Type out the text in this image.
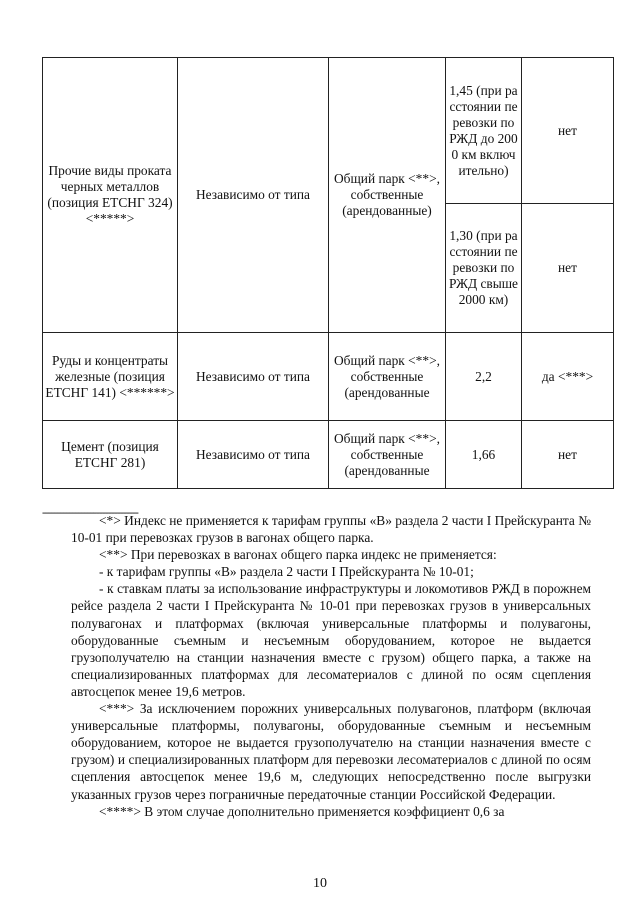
Прочие виды проката черных металлов (позиция ЕТСНГ 324) <*****>	Независимо от типа	Общий парк <**>, собственные (арендованные)	1,45 (при расстоянии перевозки по РЖД до 2000 км включительно)	нет
			1,30 (при расстоянии перевозки по РЖД свыше 2000 км)	нет
Руды и концентраты железные (позиция ЕТСНГ 141) <******>	Независимо от типа	Общий парк <**>, собственные (арендованные	2,2	да <***>
Цемент (позиция ЕТСНГ 281)	Независимо от типа	Общий парк <**>, собственные (арендованные	1,66	нет
--------------------------------

<*> Индекс не применяется к тарифам группы «В» раздела 2 части I Прейскуранта № 10-01 при перевозках грузов в вагонах общего парка.

<**> При перевозках в вагонах общего парка индекс не применяется:

- к тарифам группы «В» раздела 2 части I Прейскуранта № 10-01;

- к ставкам платы за использование инфраструктуры и локомотивов РЖД в порожнем рейсе раздела 2 части I Прейскуранта № 10-01 при перевозках грузов в универсальных полувагонах и платформах (включая универсальные платформы и полувагоны, оборудованные съемным и несъемным оборудованием, которое не выдается грузополучателю на станции назначения вместе с грузом) общего парка, а также на специализированных платформах для лесоматериалов с длиной по осям сцепления автосцепок менее 19,6 метров.

<***> За исключением порожних универсальных полувагонов, платформ (включая универсальные платформы, полувагоны, оборудованные съемным и несъемным оборудованием, которое не выдается грузополучателю на станции назначения вместе с грузом) и специализированных платформ для перевозки лесоматериалов с длиной по осям сцепления автосцепок менее 19,6 м, следующих непосредственно после выгрузки указанных грузов через пограничные передаточные станции Российской Федерации.

<****> В этом случае дополнительно применяется коэффициент 0,6 за

10
